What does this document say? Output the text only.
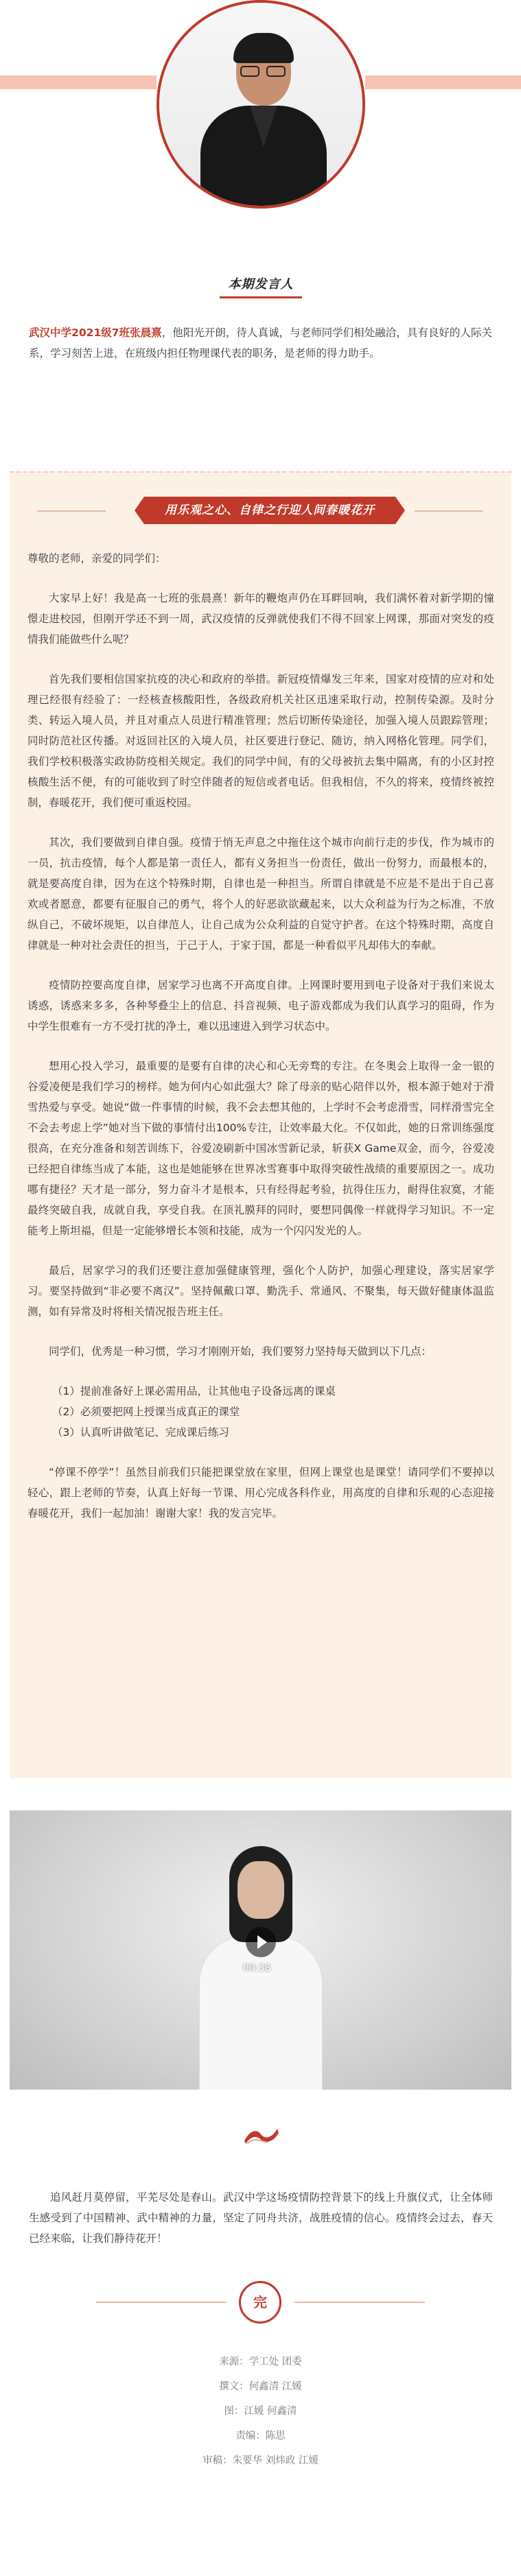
本期发言人
武汉中学2021级7班张晨熹，他阳光开朗，待人真诚，与老师同学们相处融洽，具有良好的人际关系，学习刻苦上进，在班级内担任物理课代表的职务，是老师的得力助手。
用乐观之心、自律之行迎人间春暖花开

尊敬的老师，亲爱的同学们：

大家早上好！我是高一七班的张晨熹！新年的鞭炮声仍在耳畔回响，我们满怀着对新学期的憧憬走进校园，但刚开学还不到一周，武汉疫情的反弹就使我们不得不回家上网课，那面对突发的疫情我们能做些什么呢？

首先我们要相信国家抗疫的决心和政府的举措。新冠疫情爆发三年来，国家对疫情的应对和处理已经很有经验了：一经核查核酸阳性，各级政府机关社区迅速采取行动，控制传染源。及时分类、转运入境人员，并且对重点人员进行精准管理；然后切断传染途径，加强入境人员跟踪管理；同时防范社区传播。对返回社区的入境人员，社区要进行登记、随访，纳入网格化管理。同学们，我们学校积极落实政协防疫相关规定。我们的同学中间，有的父母被抗去集中隔离，有的小区封控核酸生活不便，有的可能收到了时空伴随者的短信或者电话。但我相信，不久的将来，疫情终被控制，春暖花开，我们便可重返校园。

其次，我们要做到自律自强。疫情于悄无声息之中拖住这个城市向前行走的步伐，作为城市的一员，抗击疫情，每个人都是第一责任人，都有义务担当一份责任，做出一份努力，而最根本的，就是要高度自律，因为在这个特殊时期，自律也是一种担当。所谓自律就是不应是不是出于自己喜欢或者愿意，都要有征服自己的勇气，将个人的好恶欲欲藏起来，以大众利益为行为之标准，不放纵自己，不破坏规矩，以自律范人，让自己成为公众利益的自觉守护者。在这个特殊时期，高度自律就是一种对社会责任的担当，于己于人，于家于国，都是一种看似平凡却伟大的奉献。

疫情防控要高度自律，居家学习也离不开高度自律。上网课时要用到电子设备对于我们来说太诱惑，诱惑来多多，各种琴叠尘上的信息、抖音视频、电子游戏都成为我们认真学习的阻碍，作为中学生很难有一方不受打扰的净土，难以迅速进入到学习状态中。

想用心投入学习，最重要的是要有自律的决心和心无旁骛的专注。在冬奥会上取得一金一银的谷爱凌便是我们学习的榜样。她为何内心如此强大？除了母亲的贴心陪伴以外，根本源于她对于滑雪热爱与享受。她说“做一件事情的时候，我不会去想其他的，上学时不会考虑滑雪，同样滑雪完全不会去考虑上学”她对当下做的事情付出100%专注，让效率最大化。不仅如此，她的日常训练强度很高，在充分准备和刻苦训练下，谷爱凌刷新中国冰雪新记录，斩获X Game双金，而今，谷爱凌已经把自律练当成了本能，这也是她能够在世界冰雪赛事中取得突破性战绩的重要原因之一。成功哪有捷径？天才是一部分，努力奋斗才是根本，只有经得起考验，抗得住压力，耐得住寂寞，才能最终突破自我，成就自我，享受自我。在顶礼膜拜的同时，要想同偶像一样就得学习知识。不一定能考上斯坦福，但是一定能够增长本领和技能，成为一个闪闪发光的人。

最后，居家学习的我们还要注意加强健康管理，强化个人防护，加强心理建设，落实居家学习。要坚持做到“非必要不离汉”。坚持佩戴口罩、勤洗手、常通风、不聚集，每天做好健康体温监测，如有异常及时将相关情况报告班主任。

同学们，优秀是一种习惯，学习才刚刚开始，我们要努力坚持每天做到以下几点：

（1）提前准备好上课必需用品，让其他电子设备远离的课桌
（2）必须要把网上授课当成真正的课堂
（3）认真听讲做笔记、完成课后练习

“停课不停学”！虽然目前我们只能把课堂放在家里，但网上课堂也是课堂！请同学们不要掉以轻心，跟上老师的节奏，认真上好每一节课、用心完成各科作业，用高度的自律和乐观的心态迎接春暖花开，我们一起加油！谢谢大家！我的发言完毕。

00:38
追风赶月莫停留，平芜尽处是春山。武汉中学这场疫情防控背景下的线上升旗仪式，让全体师生感受到了中国精神、武中精神的力量，坚定了同舟共济，战胜疫情的信心。疫情终会过去，春天已经来临，让我们静待花开！
完
来源：学工处 团委
撰文：何鑫清 江媛
图：江媛 何鑫清
责编：陈思
审稿：朱要华 刘炜政 江媛
